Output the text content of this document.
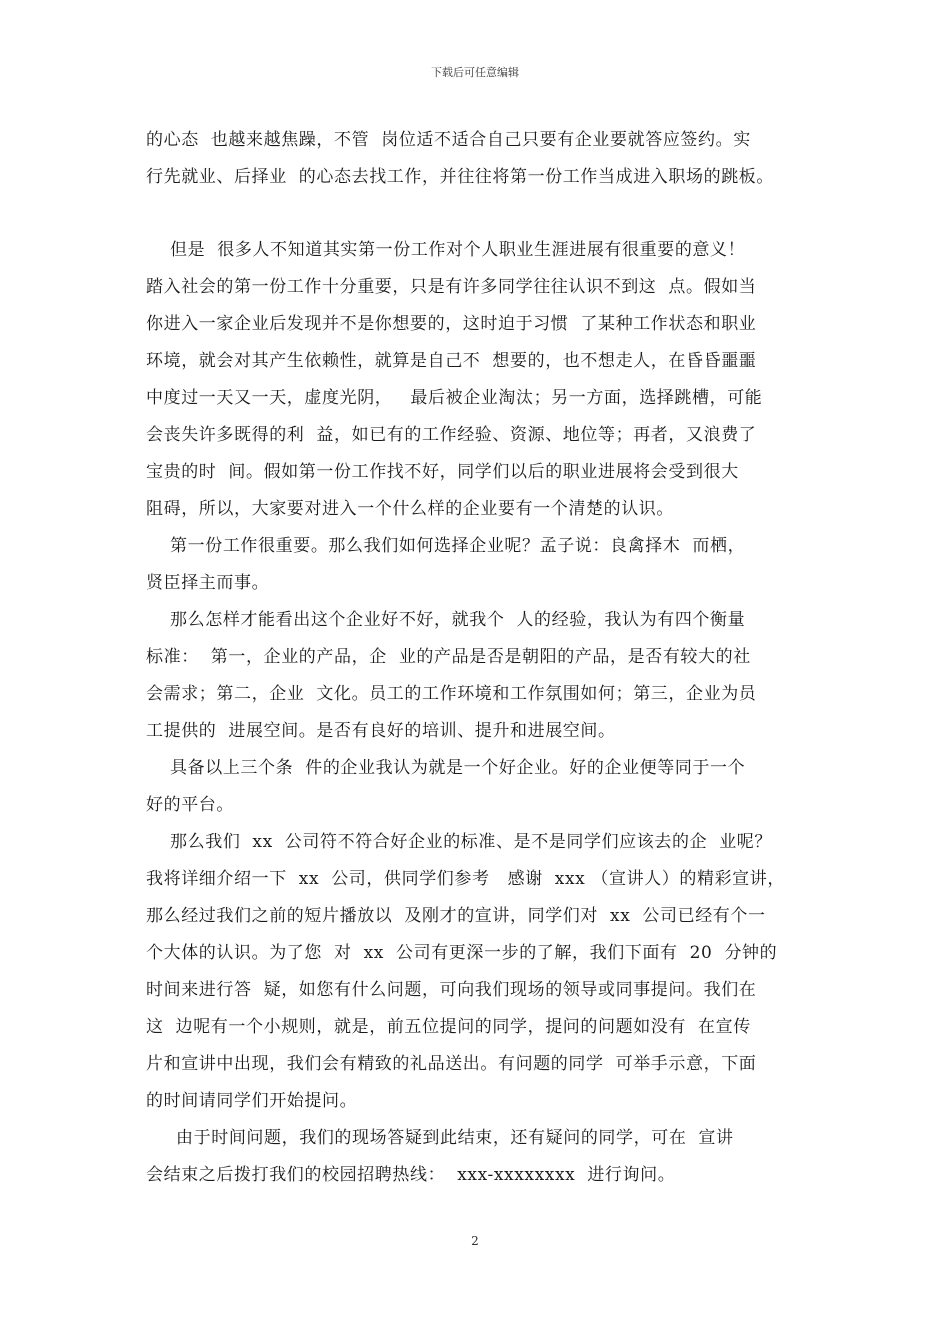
下载后可任意编辑
的心态  也越来越焦躁，不管  岗位适不适合自己只要有企业要就答应签约。实
行先就业、后择业  的心态去找工作，并往往将第一份工作当成进入职场的跳板。
但是  很多人不知道其实第一份工作对个人职业生涯进展有很重要的意义！
踏入社会的第一份工作十分重要，只是有许多同学往往认识不到这  点。假如当
你进入一家企业后发现并不是你想要的，这时迫于习惯  了某种工作状态和职业
环境，就会对其产生依赖性，就算是自己不  想要的，也不想走人，在昏昏噩噩
中度过一天又一天，虚度光阴，   最后被企业淘汰；另一方面，选择跳槽，可能
会丧失许多既得的利  益，如已有的工作经验、资源、地位等；再者，又浪费了
宝贵的时  间。假如第一份工作找不好，同学们以后的职业进展将会受到很大
阻碍，所以，大家要对进入一个什么样的企业要有一个清楚的认识。
第一份工作很重要。那么我们如何选择企业呢？孟子说：良禽择木  而栖，
贤臣择主而事。
那么怎样才能看出这个企业好不好，就我个  人的经验，我认为有四个衡量
标准：  第一，企业的产品，企  业的产品是否是朝阳的产品，是否有较大的社
会需求；第二，企业  文化。员工的工作环境和工作氛围如何；第三，企业为员
工提供的  进展空间。是否有良好的培训、提升和进展空间。
具备以上三个条  件的企业我认为就是一个好企业。好的企业便等同于一个
好的平台。
那么我们  xx  公司符不符合好企业的标准、是不是同学们应该去的企  业呢？
我将详细介绍一下  xx  公司，供同学们参考   感谢  xxx （宣讲人）的精彩宣讲，
那么经过我们之前的短片播放以  及刚才的宣讲，同学们对  xx  公司已经有个一
个大体的认识。为了您  对  xx  公司有更深一步的了解，我们下面有  20  分钟的
时间来进行答  疑，如您有什么问题，可向我们现场的领导或同事提问。我们在
这  边呢有一个小规则，就是，前五位提问的同学，提问的问题如没有  在宣传
片和宣讲中出现，我们会有精致的礼品送出。有问题的同学  可举手示意，下面
的时间请同学们开始提问。
由于时间问题，我们的现场答疑到此结束，还有疑问的同学，可在  宣讲
会结束之后拨打我们的校园招聘热线：  xxx-xxxxxxxx  进行询问。
2
